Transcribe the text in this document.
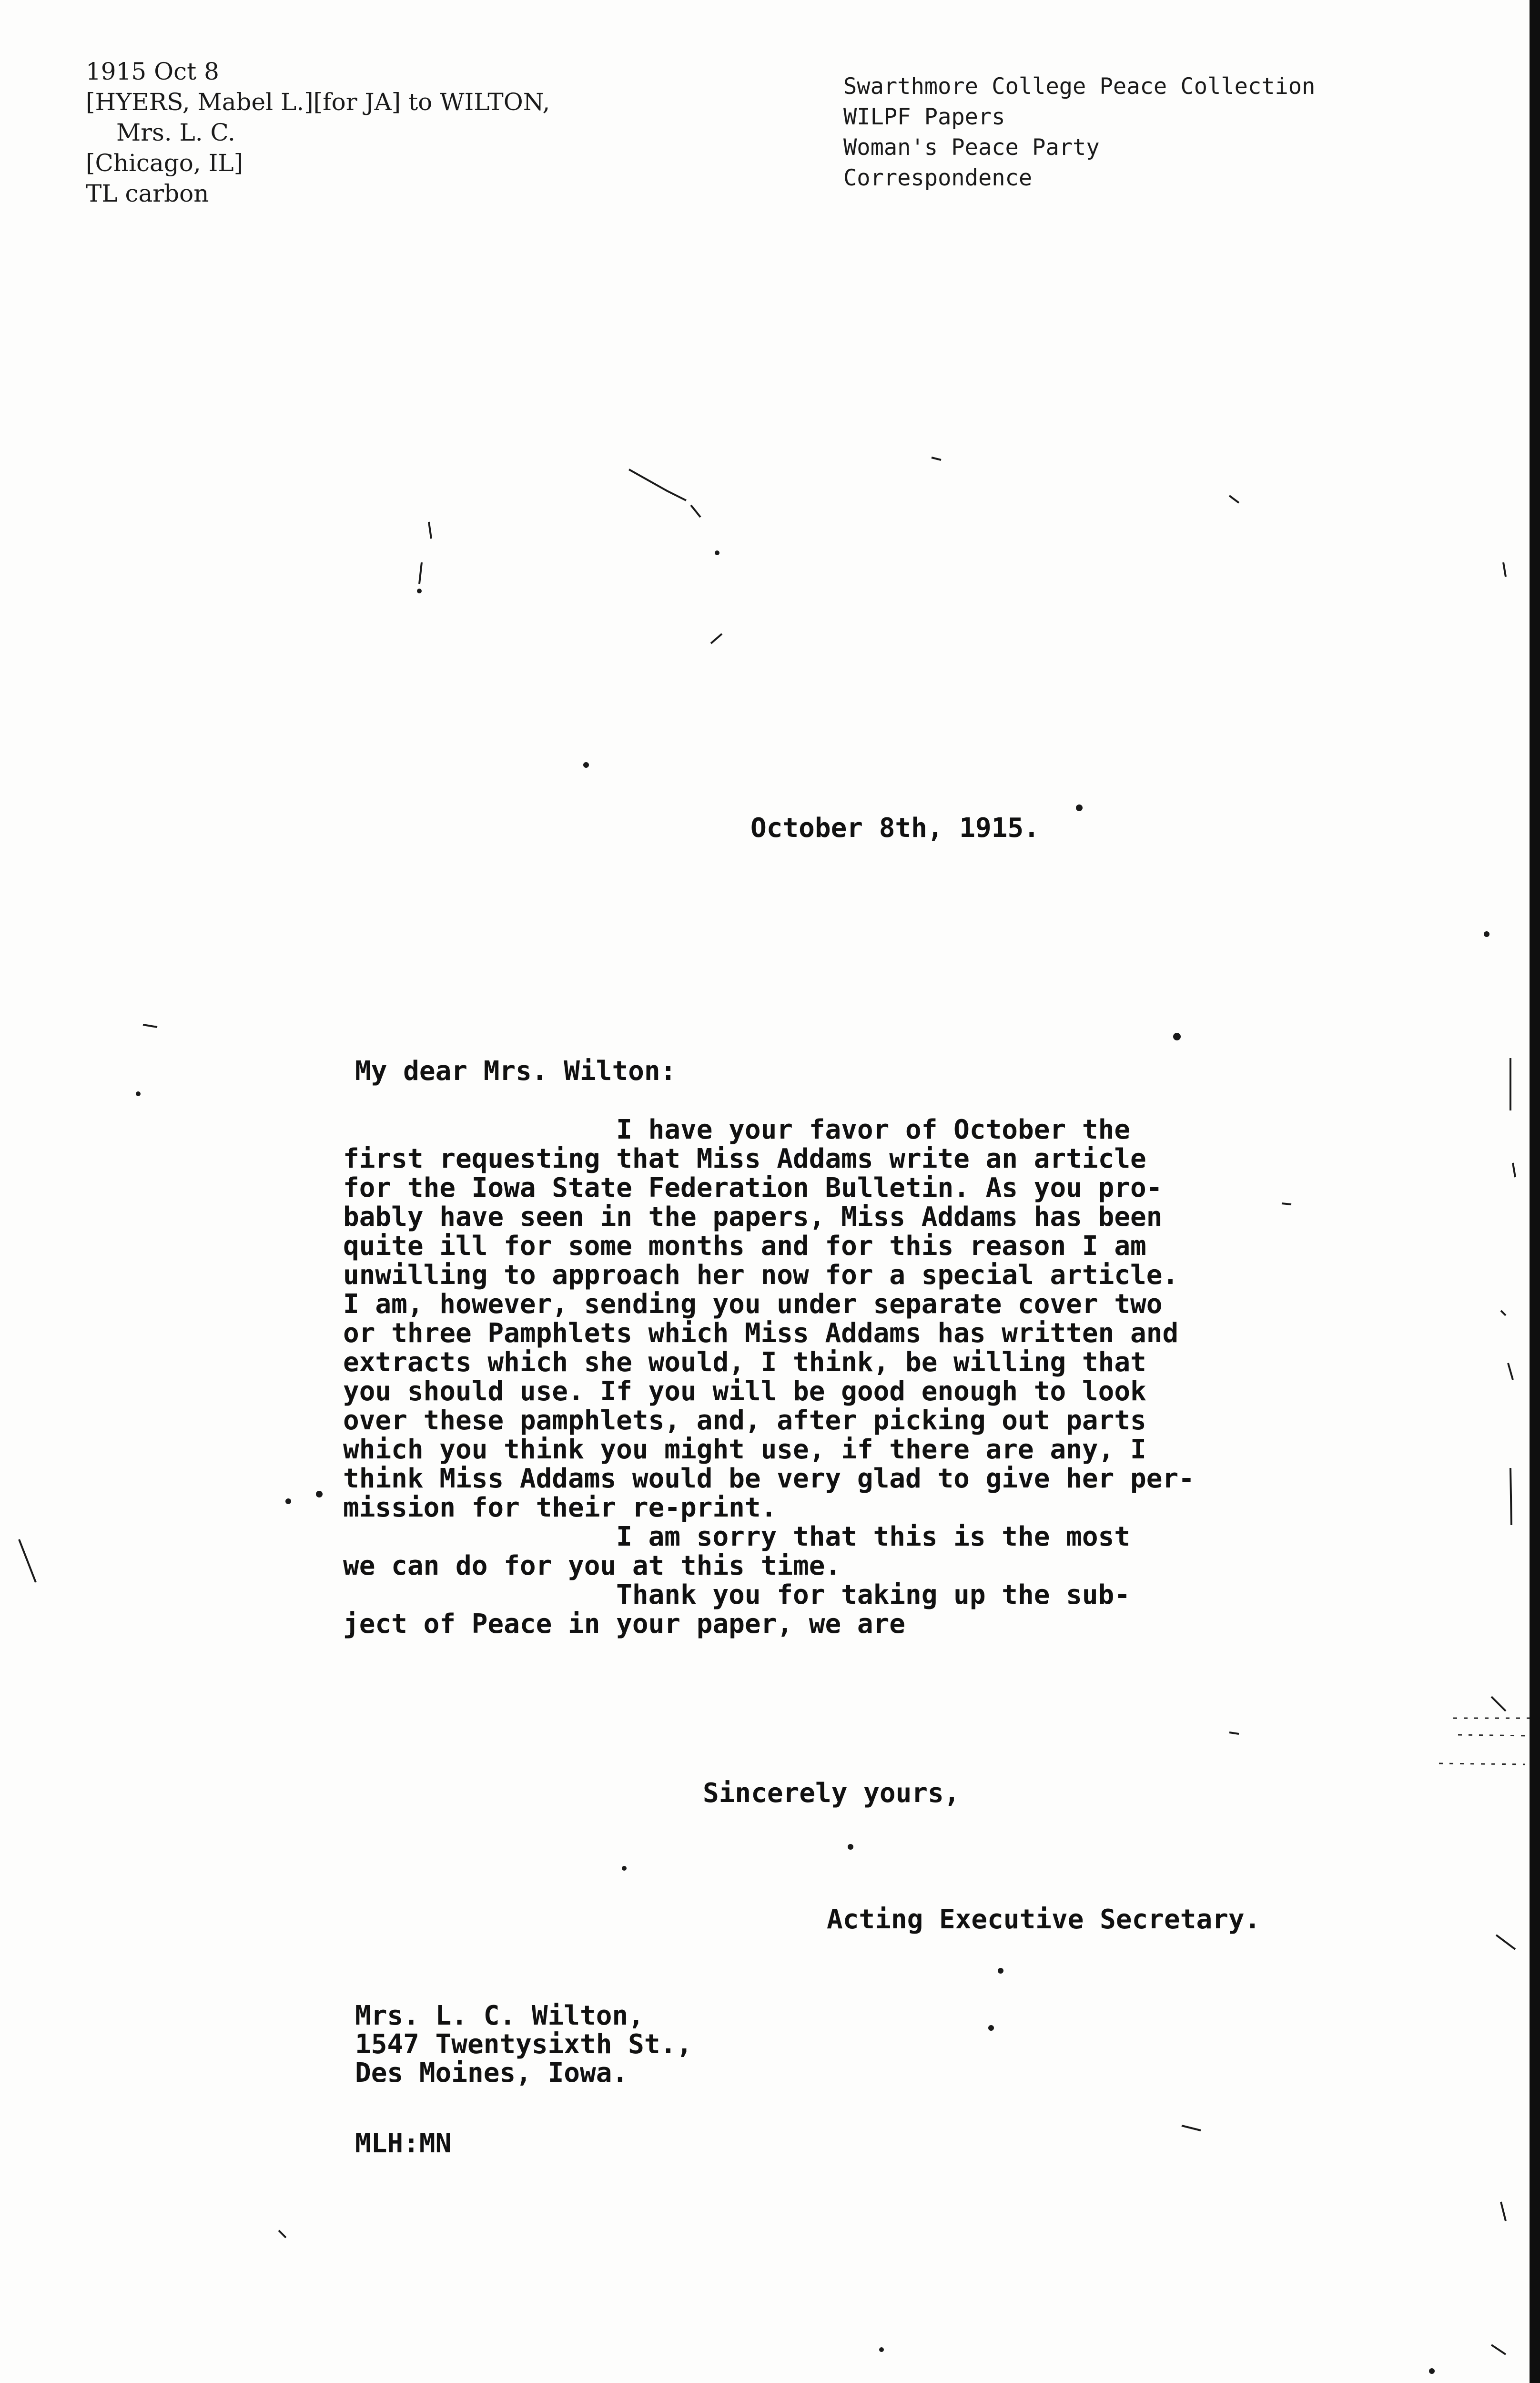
1915 Oct 8
[HYERS, Mabel L.][for JA] to WILTON,
Mrs. L. C.
[Chicago, IL]
TL carbon
Swarthmore College Peace Collection
WILPF Papers
Woman's Peace Party
Correspondence
October 8th, 1915.
My dear Mrs. Wilton:
I have your favor of October the
first requesting that Miss Addams write an article
for the Iowa State Federation Bulletin. As you pro-
bably have seen in the papers, Miss Addams has been
quite ill for some months and for this reason I am
unwilling to approach her now for a special article.
I am, however, sending you under separate cover two
or three Pamphlets which Miss Addams has written and
extracts which she would, I think, be willing that
you should use. If you will be good enough to look
over these pamphlets, and, after picking out parts
which you think you might use, if there are any, I
think Miss Addams would be very glad to give her per-
mission for their re-print.
I am sorry that this is the most
we can do for you at this time.
Thank you for taking up the sub-
ject of Peace in your paper, we are
Sincerely yours,
Acting Executive Secretary.
Mrs. L. C. Wilton,
1547 Twentysixth St.,
Des Moines, Iowa.
MLH:MN
